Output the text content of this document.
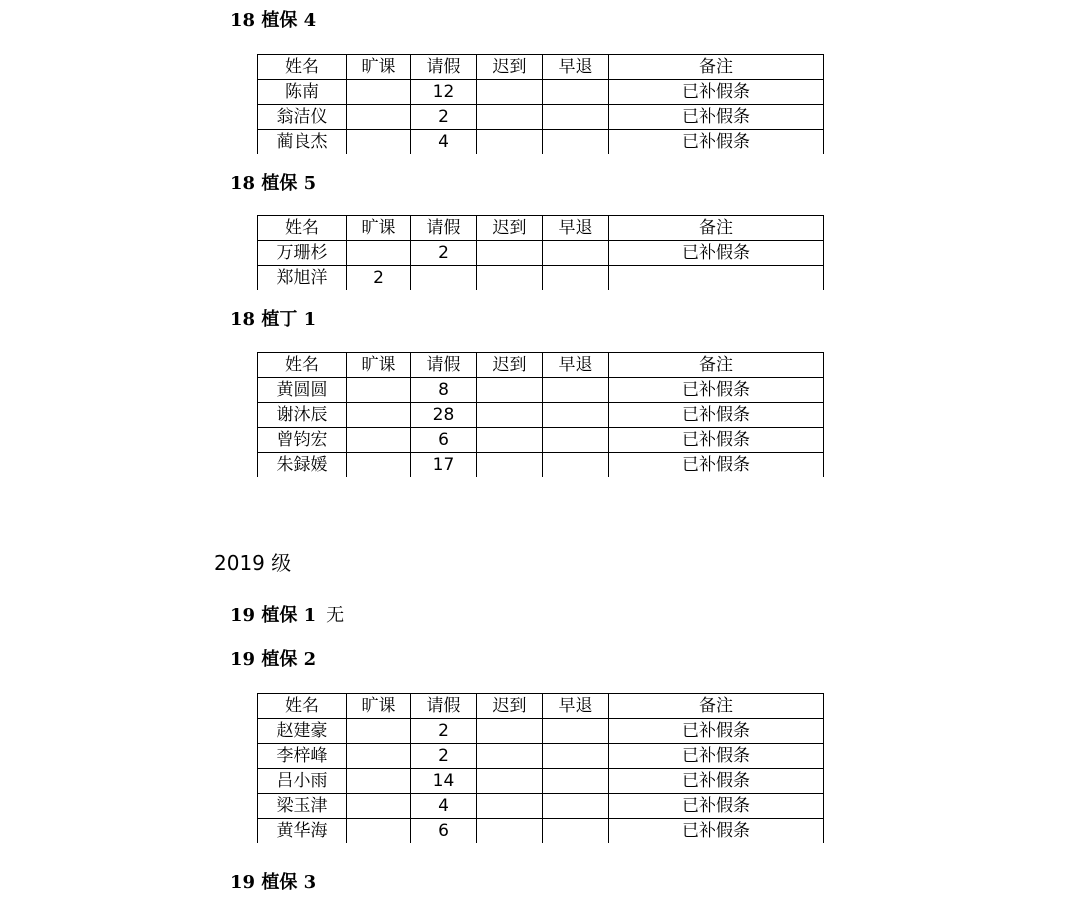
18 植保 4
姓名	旷课	请假	迟到	早退	备注
陈南		12			已补假条
翁洁仪		2			已补假条
蔺良杰		4			已补假条
18 植保 5
姓名	旷课	请假	迟到	早退	备注
万珊杉		2			已补假条
郑旭洋	2				
18 植丁 1
姓名	旷课	请假	迟到	早退	备注
黄圆圆		8			已补假条
谢沐辰		28			已补假条
曾钧宏		6			已补假条
朱録媛		17			已补假条
2019 级
19 植保 1 无
19 植保 2
姓名	旷课	请假	迟到	早退	备注
赵建豪		2			已补假条
李梓峰		2			已补假条
吕小雨		14			已补假条
梁玉津		4			已补假条
黄华海		6			已补假条
19 植保 3
